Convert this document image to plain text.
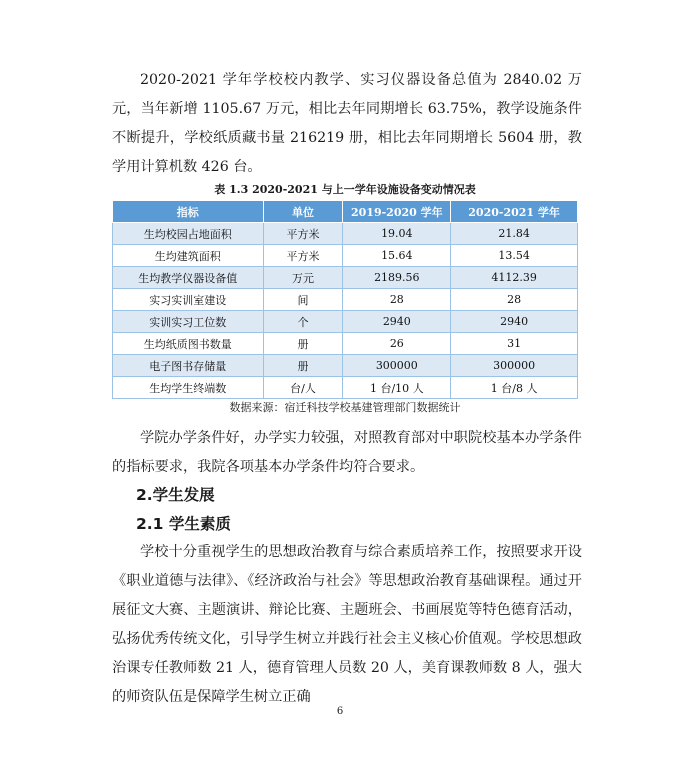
2020-2021 学年学校校内教学、实习仪器设备总值为 2840.02 万元，当年新增 1105.67 万元，相比去年同期增长 63.75%，教学设施条件不断提升，学校纸质藏书量 216219 册，相比去年同期增长 5604 册，教学用计算机数 426 台。

表 1.3 2020-2021 与上一学年设施设备变动情况表

指标	单位	2019-2020 学年	2020-2021 学年
生均校园占地面积	平方米	19.04	21.84
生均建筑面积	平方米	15.64	13.54
生均教学仪器设备值	万元	2189.56	4112.39
实习实训室建设	间	28	28
实训实习工位数	个	2940	2940
生均纸质图书数量	册	26	31
电子图书存储量	册	300000	300000
生均学生终端数	台/人	1 台/10 人	1 台/8 人

数据来源：宿迁科技学校基建管理部门数据统计

学院办学条件好，办学实力较强，对照教育部对中职院校基本办学条件的指标要求，我院各项基本办学条件均符合要求。

2.学生发展

2.1 学生素质

学校十分重视学生的思想政治教育与综合素质培养工作，按照要求开设《职业道德与法律》、《经济政治与社会》等思想政治教育基础课程。通过开展征文大赛、主题演讲、辩论比赛、主题班会、书画展览等特色德育活动，弘扬优秀传统文化，引导学生树立并践行社会主义核心价值观。学校思想政治课专任教师数 21 人，德育管理人员数 20 人，美育课教师数 8 人，强大的师资队伍是保障学生树立正确

6
